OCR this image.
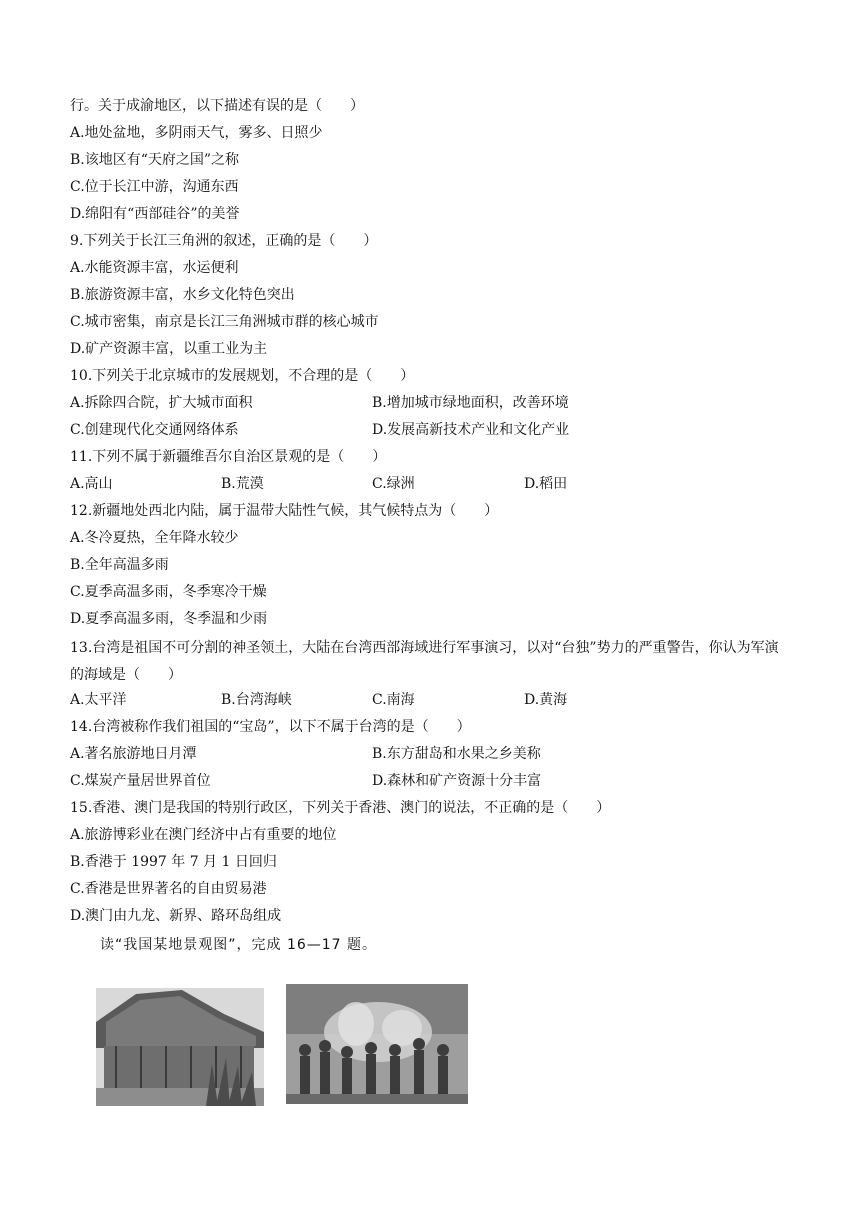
行。关于成渝地区，以下描述有误的是（　　）
A.地处盆地，多阴雨天气，雾多、日照少
B.该地区有“天府之国”之称
C.位于长江中游，沟通东西
D.绵阳有“西部硅谷”的美誉
9.下列关于长江三角洲的叙述，正确的是（　　）
A.水能资源丰富，水运便利
B.旅游资源丰富，水乡文化特色突出
C.城市密集，南京是长江三角洲城市群的核心城市
D.矿产资源丰富，以重工业为主
10.下列关于北京城市的发展规划，不合理的是（　　）
A.拆除四合院，扩大城市面积	B.增加城市绿地面积，改善环境
C.创建现代化交通网络体系	D.发展高新技术产业和文化产业
11.下列不属于新疆维吾尔自治区景观的是（　　）
A.高山	B.荒漠	C.绿洲	D.稻田
12.新疆地处西北内陆，属于温带大陆性气候，其气候特点为（　　）
A.冬冷夏热，全年降水较少
B.全年高温多雨
C.夏季高温多雨，冬季寒冷干燥
D.夏季高温多雨，冬季温和少雨
13.台湾是祖国不可分割的神圣领土，大陆在台湾西部海域进行军事演习，以对“台独”势力的严重警告，你认为军演的海域是（　　）
A.太平洋	B.台湾海峡	C.南海	D.黄海
14.台湾被称作我们祖国的“宝岛”，以下不属于台湾的是（　　）
A.著名旅游地日月潭	B.东方甜岛和水果之乡美称
C.煤炭产量居世界首位	D.森林和矿产资源十分丰富
15.香港、澳门是我国的特别行政区，下列关于香港、澳门的说法，不正确的是（　　）
A.旅游博彩业在澳门经济中占有重要的地位
B.香港于 1997 年 7 月 1 日回归
C.香港是世界著名的自由贸易港
D.澳门由九龙、新界、路环岛组成
读“我国某地景观图”，完成 16—17 题。
